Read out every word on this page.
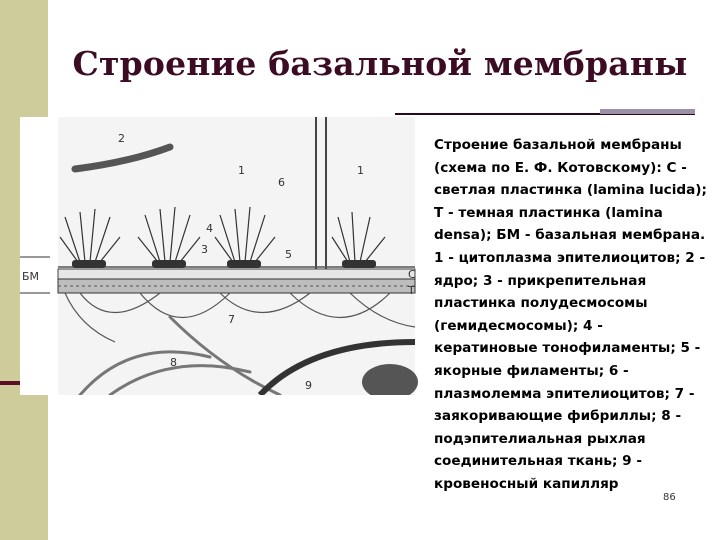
Строение базальной мембраны
БМ	С
Т
1	1
2
3
4
5
6
7
8
9

Строение базальной мембраны (схема по Е. Ф. Котовскому): С - светлая пластинка (lamina lucida); Т - темная пластинка (lamina densa); БМ - базальная мембрана. 1 - цитоплазма эпителиоцитов; 2 - ядро; 3 - прикрепительная пластинка полудесмосомы (гемидесмосомы); 4 - кератиновые тонофиламенты; 5 - якорные филаменты; 6 - плазмолемма эпителиоцитов; 7 - заякоривающие фибриллы; 8 - подэпителиальная рыхлая соединительная ткань; 9 - кровеносный капилляр

86
